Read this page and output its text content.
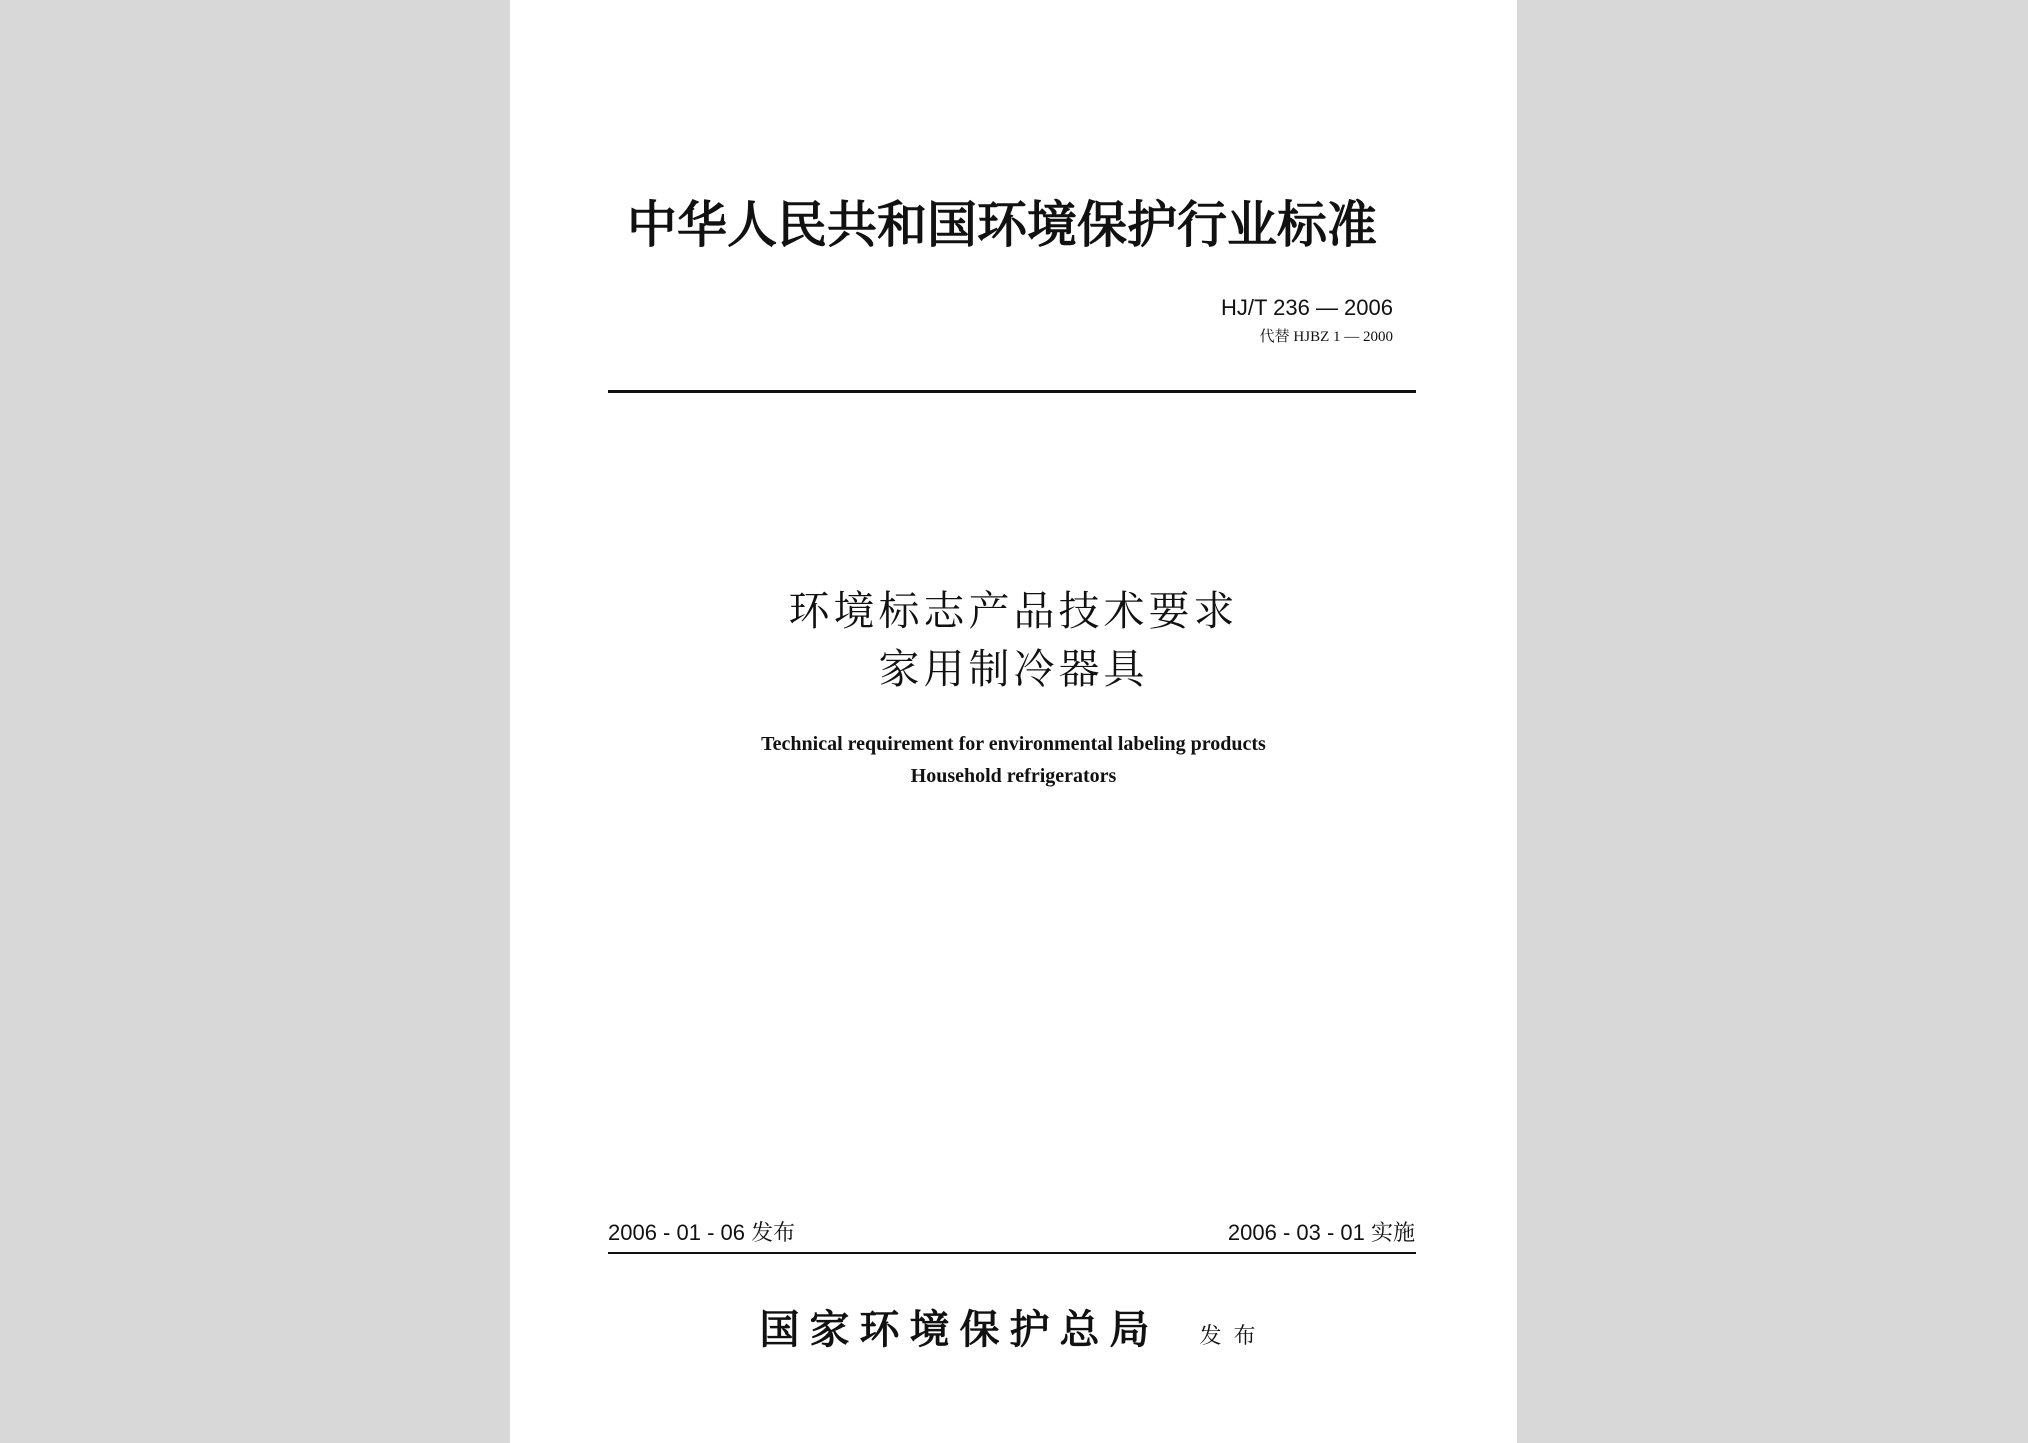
中华人民共和国环境保护行业标准
HJ/T 236 — 2006
代替 HJBZ 1 — 2000
环境标志产品技术要求
家用制冷器具
Technical requirement for environmental labeling products
Household refrigerators
2006 - 01 - 06 发布	2006 - 03 - 01 实施
国家环境保护总局 发布
